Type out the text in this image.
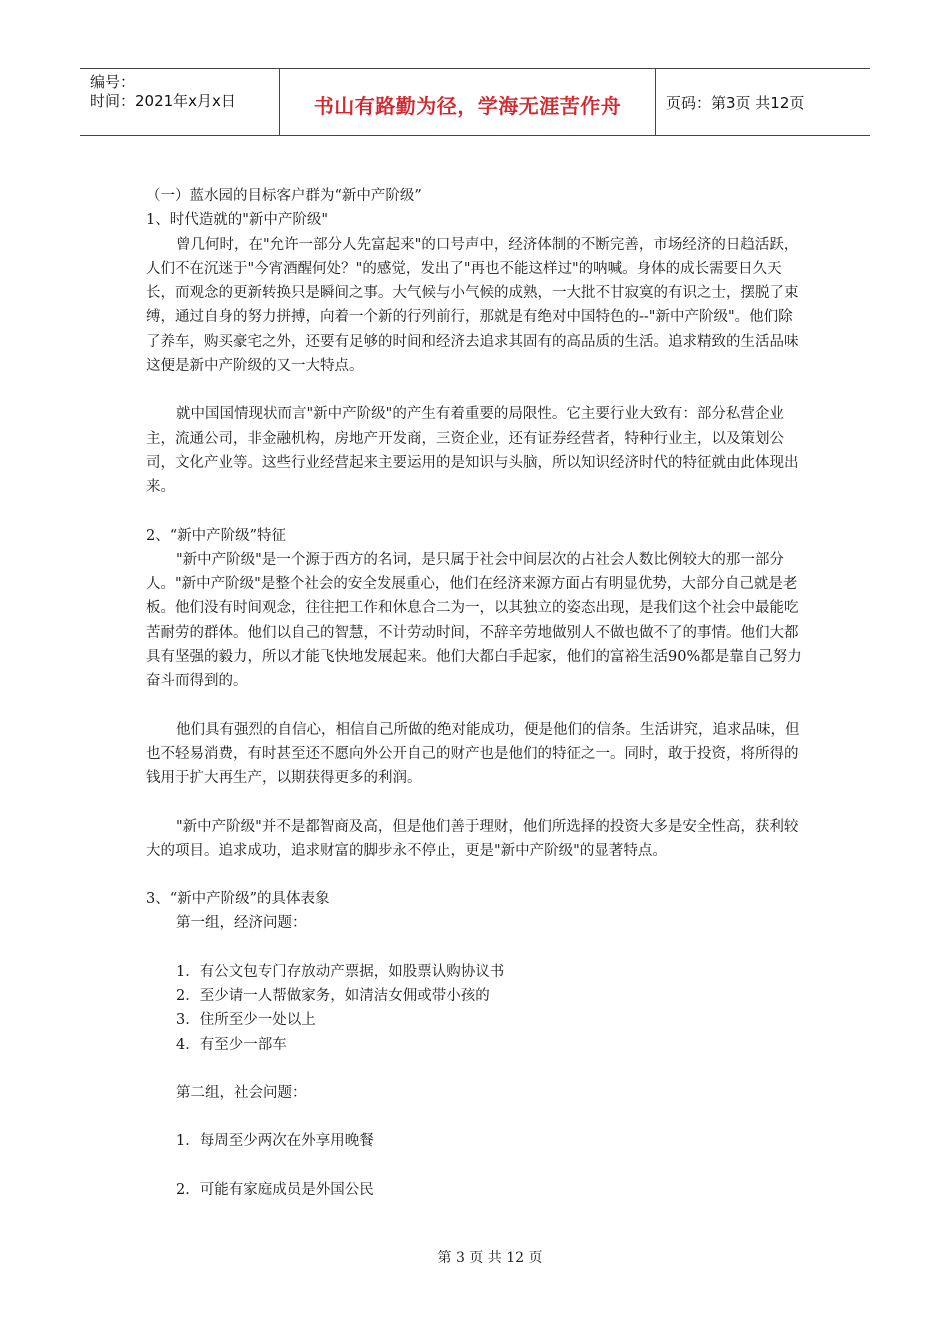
编号：
时间：2021年x月x日	书山有路勤为径，学海无涯苦作舟	页码：第3页 共12页

（一）蓝水园的目标客户群为“新中产阶级”

1、时代造就的"新中产阶级"

曾几何时，在"允许一部分人先富起来"的口号声中，经济体制的不断完善，市场经济的日趋活跃，人们不在沉迷于"今宵酒醒何处？"的感觉，发出了"再也不能这样过"的呐喊。身体的成长需要日久天长，而观念的更新转换只是瞬间之事。大气候与小气候的成熟，一大批不甘寂寞的有识之士，摆脱了束缚，通过自身的努力拼搏，向着一个新的行列前行，那就是有绝对中国特色的--"新中产阶级"。他们除了养车，购买豪宅之外，还要有足够的时间和经济去追求其固有的高品质的生活。追求精致的生活品味这便是新中产阶级的又一大特点。

就中国国情现状而言"新中产阶级"的产生有着重要的局限性。它主要行业大致有：部分私营企业主，流通公司，非金融机构，房地产开发商，三资企业，还有证券经营者，特种行业主，以及策划公司，文化产业等。这些行业经营起来主要运用的是知识与头脑，所以知识经济时代的特征就由此体现出来。

2、“新中产阶级”特征

"新中产阶级"是一个源于西方的名词，是只属于社会中间层次的占社会人数比例较大的那一部分人。"新中产阶级"是整个社会的安全发展重心，他们在经济来源方面占有明显优势，大部分自己就是老板。他们没有时间观念，往往把工作和休息合二为一，以其独立的姿态出现，是我们这个社会中最能吃苦耐劳的群体。他们以自己的智慧，不计劳动时间，不辞辛劳地做别人不做也做不了的事情。他们大都具有坚强的毅力，所以才能飞快地发展起来。他们大都白手起家，他们的富裕生活90%都是靠自己努力奋斗而得到的。

他们具有强烈的自信心，相信自己所做的绝对能成功，便是他们的信条。生活讲究，追求品味，但也不轻易消费，有时甚至还不愿向外公开自己的财产也是他们的特征之一。同时，敢于投资，将所得的钱用于扩大再生产，以期获得更多的利润。

"新中产阶级"并不是都智商及高，但是他们善于理财，他们所选择的投资大多是安全性高，获利较大的项目。追求成功，追求财富的脚步永不停止，更是"新中产阶级"的显著特点。

3、“新中产阶级”的具体表象

第一组，经济问题：

1．有公文包专门存放动产票据，如股票认购协议书

2．至少请一人帮做家务，如清洁女佣或带小孩的

3．住所至少一处以上

4．有至少一部车

第二组，社会问题：

1．每周至少两次在外享用晚餐

2．可能有家庭成员是外国公民

第 3 页 共 12 页
